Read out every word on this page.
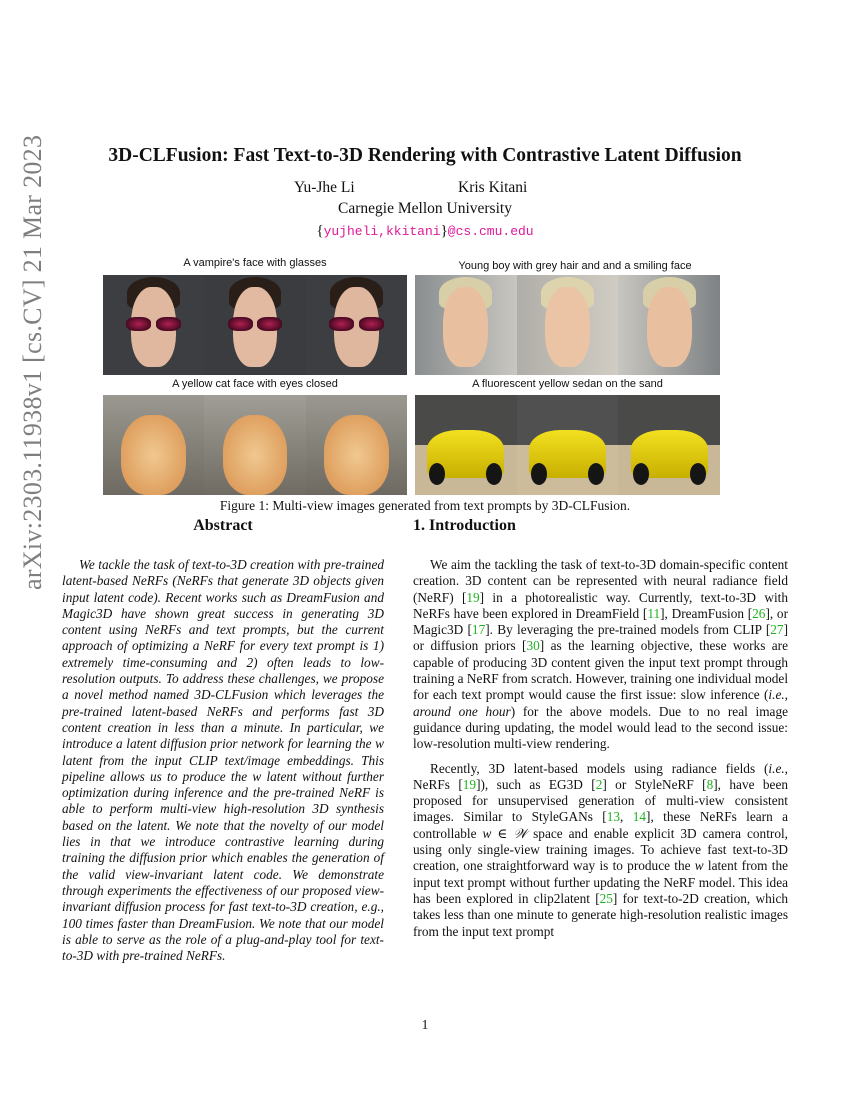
arXiv:2303.11938v1 [cs.CV] 21 Mar 2023	3D-CLFusion: Fast Text-to-3D Rendering with Contrastive Latent Diffusion
Yu-Jhe Li	Kris Kitani
Carnegie Mellon University
{yujheli,kkitani}@cs.cmu.edu
A vampire's face with glasses	Young boy with grey hair and and a smiling face
A yellow cat face with eyes closed	A fluorescent yellow sedan on the sand
Figure 1: Multi-view images generated from text prompts by 3D-CLFusion.
Abstract	1. Introduction

We tackle the task of text-to-3D creation with pre-trained latent-based NeRFs (NeRFs that generate 3D objects given input latent code). Recent works such as DreamFusion and Magic3D have shown great success in generating 3D content using NeRFs and text prompts, but the current approach of optimizing a NeRF for every text prompt is 1) extremely time-consuming and 2) often leads to low-resolution outputs. To address these challenges, we propose a novel method named 3D-CLFusion which leverages the pre-trained latent-based NeRFs and performs fast 3D content creation in less than a minute. In particular, we introduce a latent diffusion prior network for learning the w latent from the input CLIP text/image embeddings. This pipeline allows us to produce the w latent without further optimization during inference and the pre-trained NeRF is able to perform multi-view high-resolution 3D synthesis based on the latent. We note that the novelty of our model lies in that we introduce contrastive learning during training the diffusion prior which enables the generation of the valid view-invariant latent code. We demonstrate through experiments the effectiveness of our proposed view-invariant diffusion process for fast text-to-3D creation, e.g., 100 times faster than DreamFusion. We note that our model is able to serve as the role of a plug-and-play tool for text-to-3D with pre-trained NeRFs.

We aim the tackling the task of text-to-3D domain-specific content creation. 3D content can be represented with neural radiance field (NeRF) [19] in a photorealistic way. Currently, text-to-3D with NeRFs have been explored in DreamField [11], DreamFusion [26], or Magic3D [17]. By leveraging the pre-trained models from CLIP [27] or diffusion priors [30] as the learning objective, these works are capable of producing 3D content given the input text prompt through training a NeRF from scratch. However, training one individual model for each text prompt would cause the first issue: slow inference (i.e., around one hour) for the above models. Due to no real image guidance during updating, the model would lead to the second issue: low-resolution multi-view rendering.

Recently, 3D latent-based models using radiance fields (i.e., NeRFs [19]), such as EG3D [2] or StyleNeRF [8], have been proposed for unsupervised generation of multi-view consistent images. Similar to StyleGANs [13, 14], these NeRFs learn a controllable w ∈ 𝒲 space and enable explicit 3D camera control, using only single-view training images. To achieve fast text-to-3D creation, one straightforward way is to produce the w latent from the input text prompt without further updating the NeRF model. This idea has been explored in clip2latent [25] for text-to-2D creation, which takes less than one minute to generate high-resolution realistic images from the input text prompt

1
